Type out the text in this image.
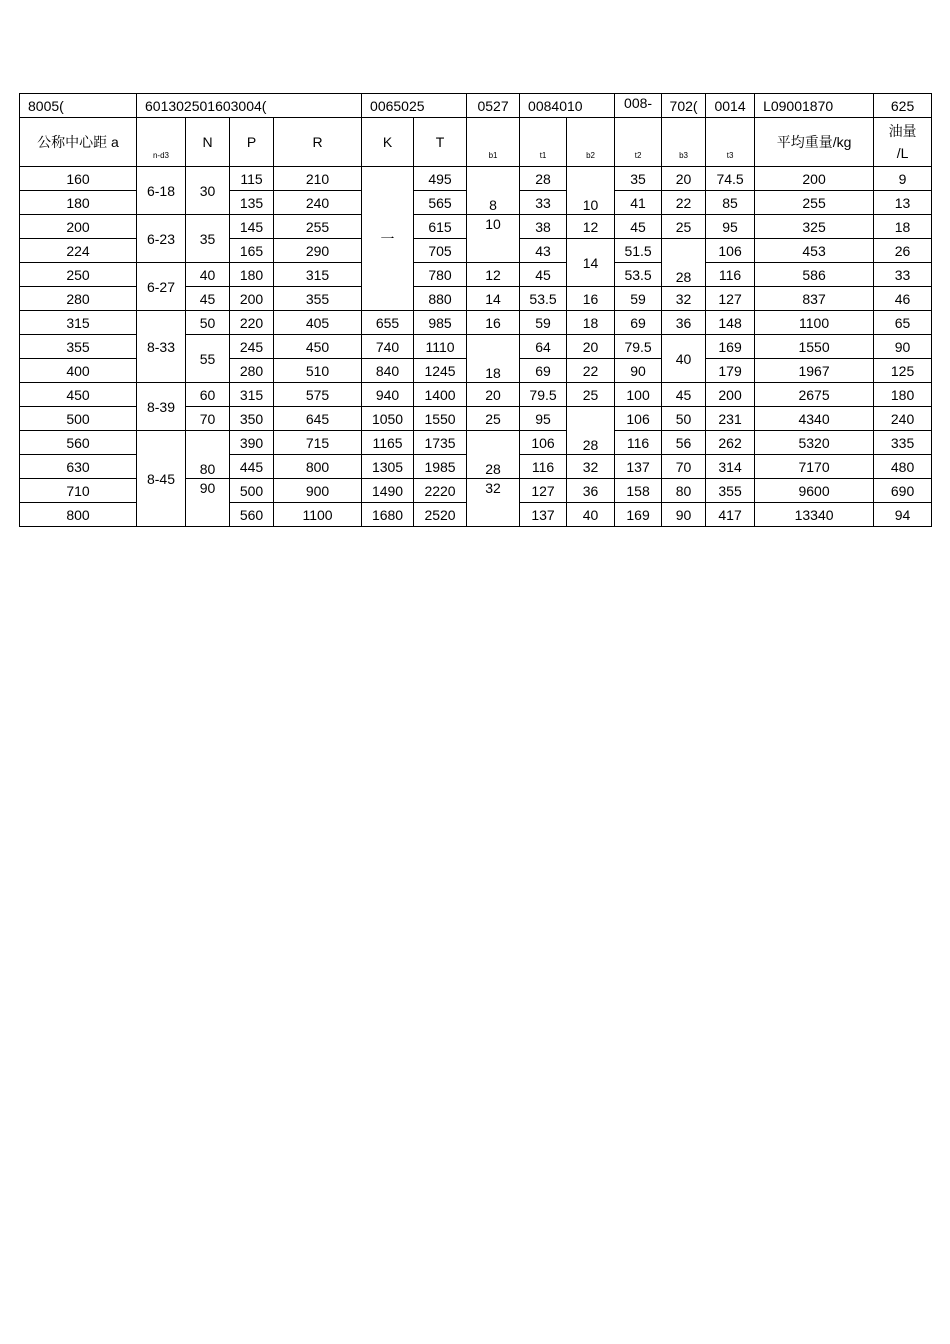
8005(	601302501603004(				0065025		0527	0084010		008-	702(	0014	L09001870	625
公称中心距 a	n-d3	N	P	R	K	T	b1	t1	b2	t2	b3	t3	平均重量/kg	油量
/L
160	6-18	30	115	210	一	495	8	28	10	35	20	74.5	200	9
180			135	240		565		33		41	22	85	255	13
200	6-23	35	145	255		615	10	38	12	45	25	95	325	18
224			165	290		705		43	14	51.5	28	106	453	26
250	6-27	40	180	315		780	12	45		53.5		116	586	33
280		45	200	355		880	14	53.5	16	59	32	127	837	46
315	8-33	50	220	405	655	985	16	59	18	69	36	148	1100	65
355		55	245	450	740	1110	18	64	20	79.5	40	169	1550	90
400			280	510	840	1245		69	22	90		179	1967	125
450	8-39	60	315	575	940	1400	20	79.5	25	100	45	200	2675	180
500		70	350	645	1050	1550	25	95	28	106	50	231	4340	240
560	8-45	80	390	715	1165	1735	28	106		116	56	262	5320	335
630			445	800	1305	1985		116	32	137	70	314	7170	480
710		90	500	900	1490	2220	32	127	36	158	80	355	9600	690
800			560	1100	1680	2520		137	40	169	90	417	13340	94
